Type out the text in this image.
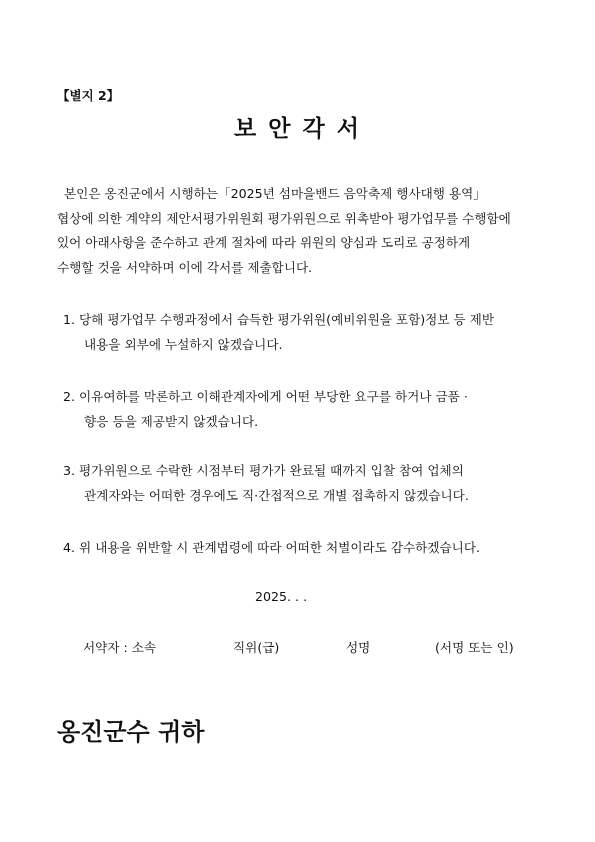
【별지 2】
보 안 각 서
본인은 옹진군에서 시행하는「2025년 섬마을밴드 음악축제 행사대행 용역」
협상에 의한 계약의 제안서평가위원회 평가위원으로 위촉받아 평가업무를 수행함에
있어 아래사항을 준수하고 관계 절차에 따라 위원의 양심과 도리로 공정하게
수행할 것을 서약하며 이에 각서를 제출합니다.
1. 당해 평가업무 수행과정에서 습득한 평가위원(예비위원을 포함)정보 등 제반
내용을 외부에 누설하지 않겠습니다.
2. 이유여하를 막론하고 이해관계자에게 어떤 부당한 요구를 하거나 금품 ·
향응 등을 제공받지 않겠습니다.
3. 평가위원으로 수락한 시점부터 평가가 완료될 때까지 입찰 참여 업체의
관계자와는 어떠한 경우에도 직·간접적으로 개별 접촉하지 않겠습니다.
4. 위 내용을 위반할 시 관계법령에 따라 어떠한 처벌이라도 감수하겠습니다.
2025. . .
서약자 : 소속	직위(급)	성명	(서명 또는 인)
옹진군수 귀하
